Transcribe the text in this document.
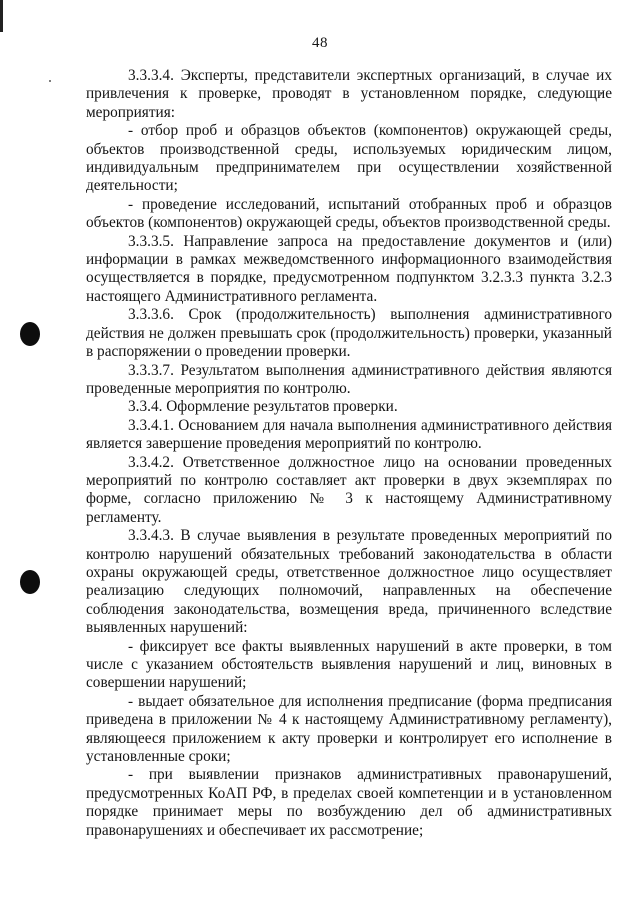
48

3.3.3.4. Эксперты, представители экспертных организаций, в случае их привлечения к проверке, проводят в установленном порядке, следующие мероприятия:

- отбор проб и образцов объектов (компонентов) окружающей среды, объектов производственной среды, используемых юридическим лицом, индивидуальным предпринимателем при осуществлении хозяйственной деятельности;

- проведение исследований, испытаний отобранных проб и образцов объектов (компонентов) окружающей среды, объектов производственной среды.

3.3.3.5. Направление запроса на предоставление документов и (или) информации в рамках межведомственного информационного взаимодействия осуществляется в порядке, предусмотренном подпунктом 3.2.3.3 пункта 3.2.3 настоящего Административного регламента.

3.3.3.6. Срок (продолжительность) выполнения административного действия не должен превышать срок (продолжительность) проверки, указанный в распоряжении о проведении проверки.

3.3.3.7. Результатом выполнения административного действия являются проведенные мероприятия по контролю.

3.3.4. Оформление результатов проверки.

3.3.4.1. Основанием для начала выполнения административного действия является завершение проведения мероприятий по контролю.

3.3.4.2. Ответственное должностное лицо на основании проведенных мероприятий по контролю составляет акт проверки в двух экземплярах по форме, согласно приложению № 3 к настоящему Административному регламенту.

3.3.4.3. В случае выявления в результате проведенных мероприятий по контролю нарушений обязательных требований законодательства в области охраны окружающей среды, ответственное должностное лицо осуществляет реализацию следующих полномочий, направленных на обеспечение соблюдения законодательства, возмещения вреда, причиненного вследствие выявленных нарушений:

- фиксирует все факты выявленных нарушений в акте проверки, в том числе с указанием обстоятельств выявления нарушений и лиц, виновных в совершении нарушений;

- выдает обязательное для исполнения предписание (форма предписания приведена в приложении № 4 к настоящему Административному регламенту), являющееся приложением к акту проверки и контролирует его исполнение в установленные сроки;

- при выявлении признаков административных правонарушений, предусмотренных КоАП РФ, в пределах своей компетенции и в установленном порядке принимает меры по возбуждению дел об административных правонарушениях и обеспечивает их рассмотрение;
